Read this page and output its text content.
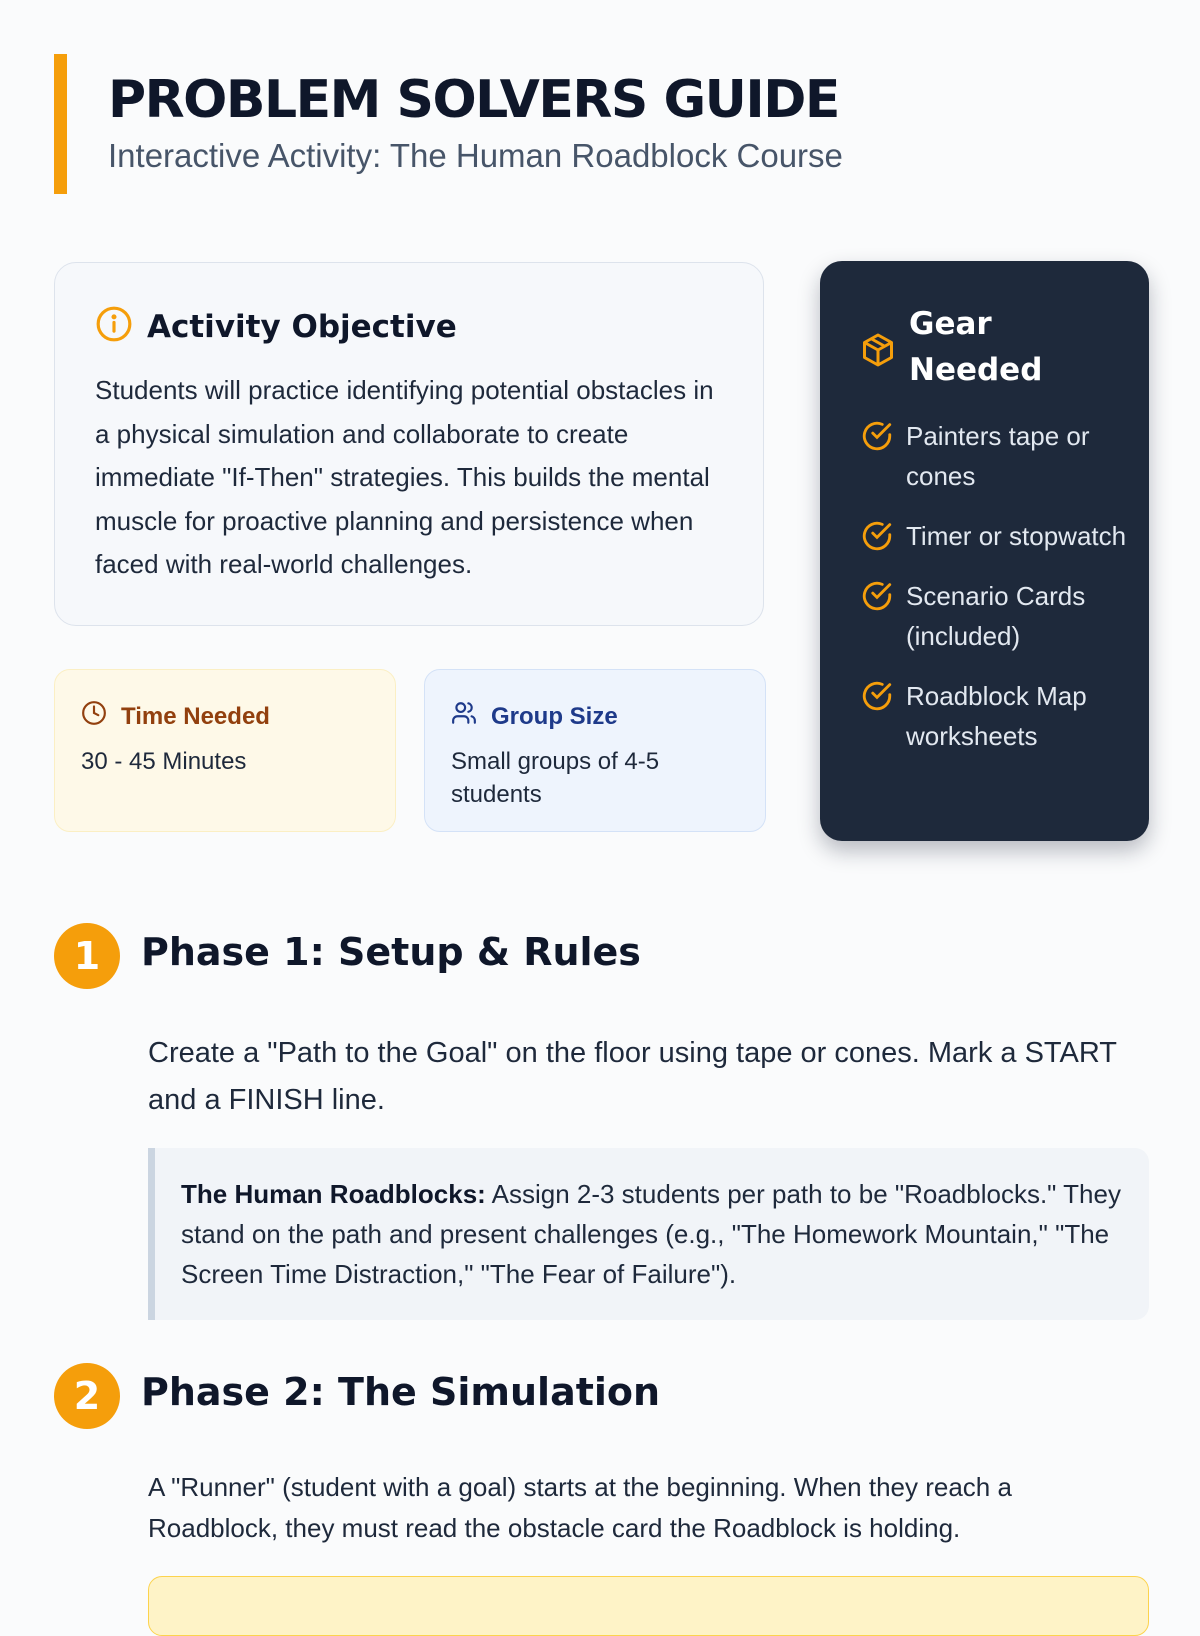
PROBLEM SOLVERS GUIDE
Interactive Activity: The Human Roadblock Course
Activity Objective

Students will practice identifying potential obstacles in a physical simulation and collaborate to create immediate "If-Then" strategies. This builds the mental muscle for proactive planning and persistence when faced with real-world challenges.

Time Needed
30 - 45 Minutes
Group Size
Small groups of 4-5 students
Gear Needed
Painters tape or cones
Timer or stopwatch
Scenario Cards (included)
Roadblock Map worksheets
1	Phase 1: Setup & Rules

Create a "Path to the Goal" on the floor using tape or cones. Mark a START and a FINISH line.

The Human Roadblocks: Assign 2-3 students per path to be "Roadblocks." They stand on the path and present challenges (e.g., "The Homework Mountain," "The Screen Time Distraction," "The Fear of Failure").
2	Phase 2: The Simulation

A "Runner" (student with a goal) starts at the beginning. When they reach a Roadblock, they must read the obstacle card the Roadblock is holding.
